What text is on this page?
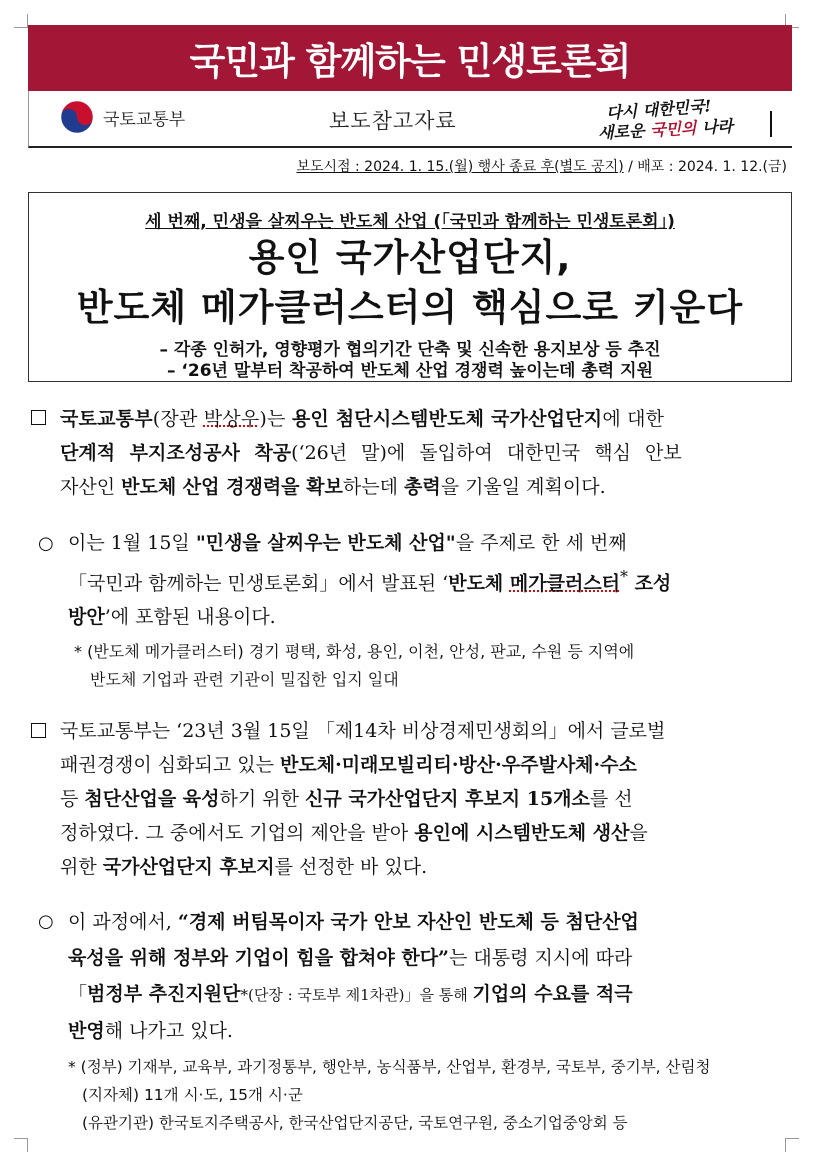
국민과 함께하는 민생토론회
국토교통부	보도참고자료	다시 대한민국!
새로운 국민의 나라
보도시점 : 2024. 1. 15.(월) 행사 종료 후(별도 공지) / 배포 : 2024. 1. 12.(금)
세 번째, 민생을 살찌우는 반도체 산업 (「국민과 함께하는 민생토론회」)
용인 국가산업단지,
반도체 메가클러스터의 핵심으로 키운다
– 각종 인허가, 영향평가 협의기간 단축 및 신속한 용지보상 등 추진
– ‘26년 말부터 착공하여 반도체 산업 경쟁력 높이는데 총력 지원
국토교통부(장관 박상우)는 용인 첨단시스템반도체 국가산업단지에 대한
단계적 부지조성공사 착공(‘26년 말)에 돌입하여 대한민국 핵심 안보
자산인 반도체 산업 경쟁력을 확보하는데 총력을 기울일 계획이다.
○ 이는 1월 15일 "민생을 살찌우는 반도체 산업"을 주제로 한 세 번째
「국민과 함께하는 민생토론회」에서 발표된 ‘반도체 메가클러스터* 조성
방안’에 포함된 내용이다.
* (반도체 메가클러스터) 경기 평택, 화성, 용인, 이천, 안성, 판교, 수원 등 지역에
반도체 기업과 관련 기관이 밀집한 입지 일대
국토교통부는 ‘23년 3월 15일 「제14차 비상경제민생회의」에서 글로벌
패권경쟁이 심화되고 있는 반도체·미래모빌리티·방산·우주발사체·수소
등 첨단산업을 육성하기 위한 신규 국가산업단지 후보지 15개소를 선
정하였다. 그 중에서도 기업의 제안을 받아 용인에 시스템반도체 생산을
위한 국가산업단지 후보지를 선정한 바 있다.
○ 이 과정에서, “경제 버팀목이자 국가 안보 자산인 반도체 등 첨단산업
육성을 위해 정부와 기업이 힘을 합쳐야 한다”는 대통령 지시에 따라
「범정부 추진지원단*(단장 : 국토부 제1차관)」을 통해 기업의 수요를 적극
반영해 나가고 있다.
* (정부) 기재부, 교육부, 과기정통부, 행안부, 농식품부, 산업부, 환경부, 국토부, 중기부, 산림청
(지자체) 11개 시·도, 15개 시·군
(유관기관) 한국토지주택공사, 한국산업단지공단, 국토연구원, 중소기업중앙회 등
